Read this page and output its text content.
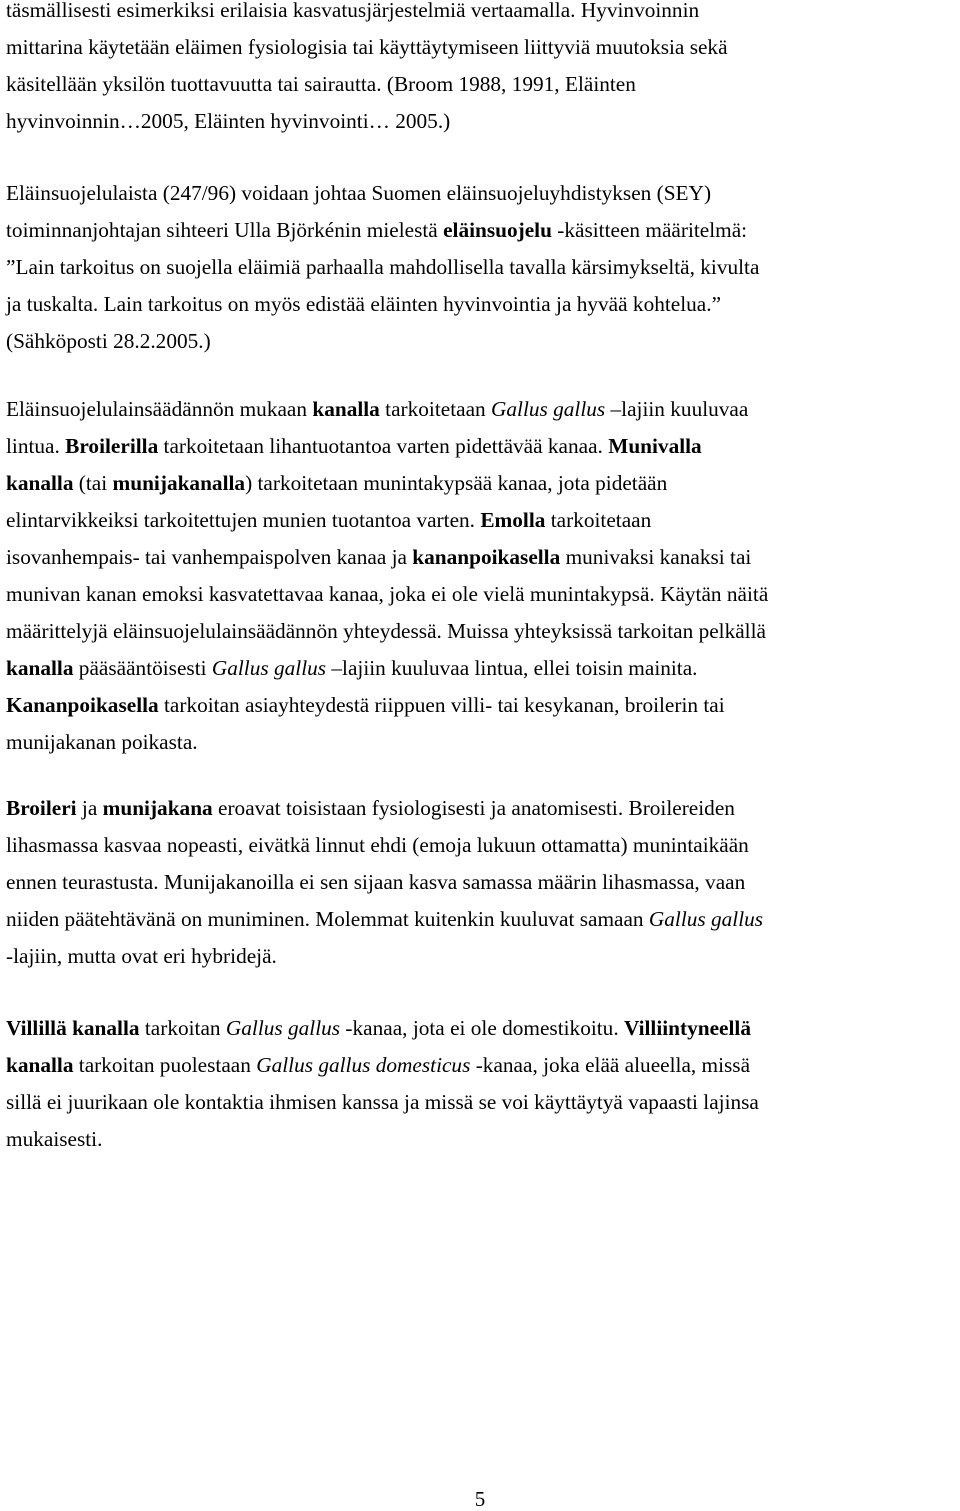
täsmällisesti esimerkiksi erilaisia kasvatusjärjestelmiä vertaamalla. Hyvinvoinnin
mittarina käytetään eläimen fysiologisia tai käyttäytymiseen liittyviä muutoksia sekä
käsitellään yksilön tuottavuutta tai sairautta. (Broom 1988, 1991, Eläinten
hyvinvoinnin…2005, Eläinten hyvinvointi… 2005.)
Eläinsuojelulaista (247/96) voidaan johtaa Suomen eläinsuojeluyhdistyksen (SEY)
toiminnanjohtajan sihteeri Ulla Björkénin mielestä eläinsuojelu -käsitteen määritelmä:
”Lain tarkoitus on suojella eläimiä parhaalla mahdollisella tavalla kärsimykseltä, kivulta
ja tuskalta. Lain tarkoitus on myös edistää eläinten hyvinvointia ja hyvää kohtelua.”
(Sähköposti 28.2.2005.)
Eläinsuojelulainsäädännön mukaan kanalla tarkoitetaan Gallus gallus –lajiin kuuluvaa
lintua. Broilerilla tarkoitetaan lihantuotantoa varten pidettävää kanaa. Munivalla
kanalla (tai munijakanalla) tarkoitetaan munintakypsää kanaa, jota pidetään
elintarvikkeiksi tarkoitettujen munien tuotantoa varten. Emolla tarkoitetaan
isovanhempais- tai vanhempaispolven kanaa ja kananpoikasella munivaksi kanaksi tai
munivan kanan emoksi kasvatettavaa kanaa, joka ei ole vielä munintakypsä. Käytän näitä
määrittelyjä eläinsuojelulainsäädännön yhteydessä. Muissa yhteyksissä tarkoitan pelkällä
kanalla pääsääntöisesti Gallus gallus –lajiin kuuluvaa lintua, ellei toisin mainita.
Kananpoikasella tarkoitan asiayhteydestä riippuen villi- tai kesykanan, broilerin tai
munijakanan poikasta.
Broileri ja munijakana eroavat toisistaan fysiologisesti ja anatomisesti. Broilereiden
lihasmassa kasvaa nopeasti, eivätkä linnut ehdi (emoja lukuun ottamatta) munintaikään
ennen teurastusta. Munijakanoilla ei sen sijaan kasva samassa määrin lihasmassa, vaan
niiden päätehtävänä on muniminen. Molemmat kuitenkin kuuluvat samaan Gallus gallus
-lajiin, mutta ovat eri hybridejä.
Villillä kanalla tarkoitan Gallus gallus -kanaa, jota ei ole domestikoitu. Villiintyneellä
kanalla tarkoitan puolestaan Gallus gallus domesticus -kanaa, joka elää alueella, missä
sillä ei juurikaan ole kontaktia ihmisen kanssa ja missä se voi käyttäytyä vapaasti lajinsa
mukaisesti.
5
